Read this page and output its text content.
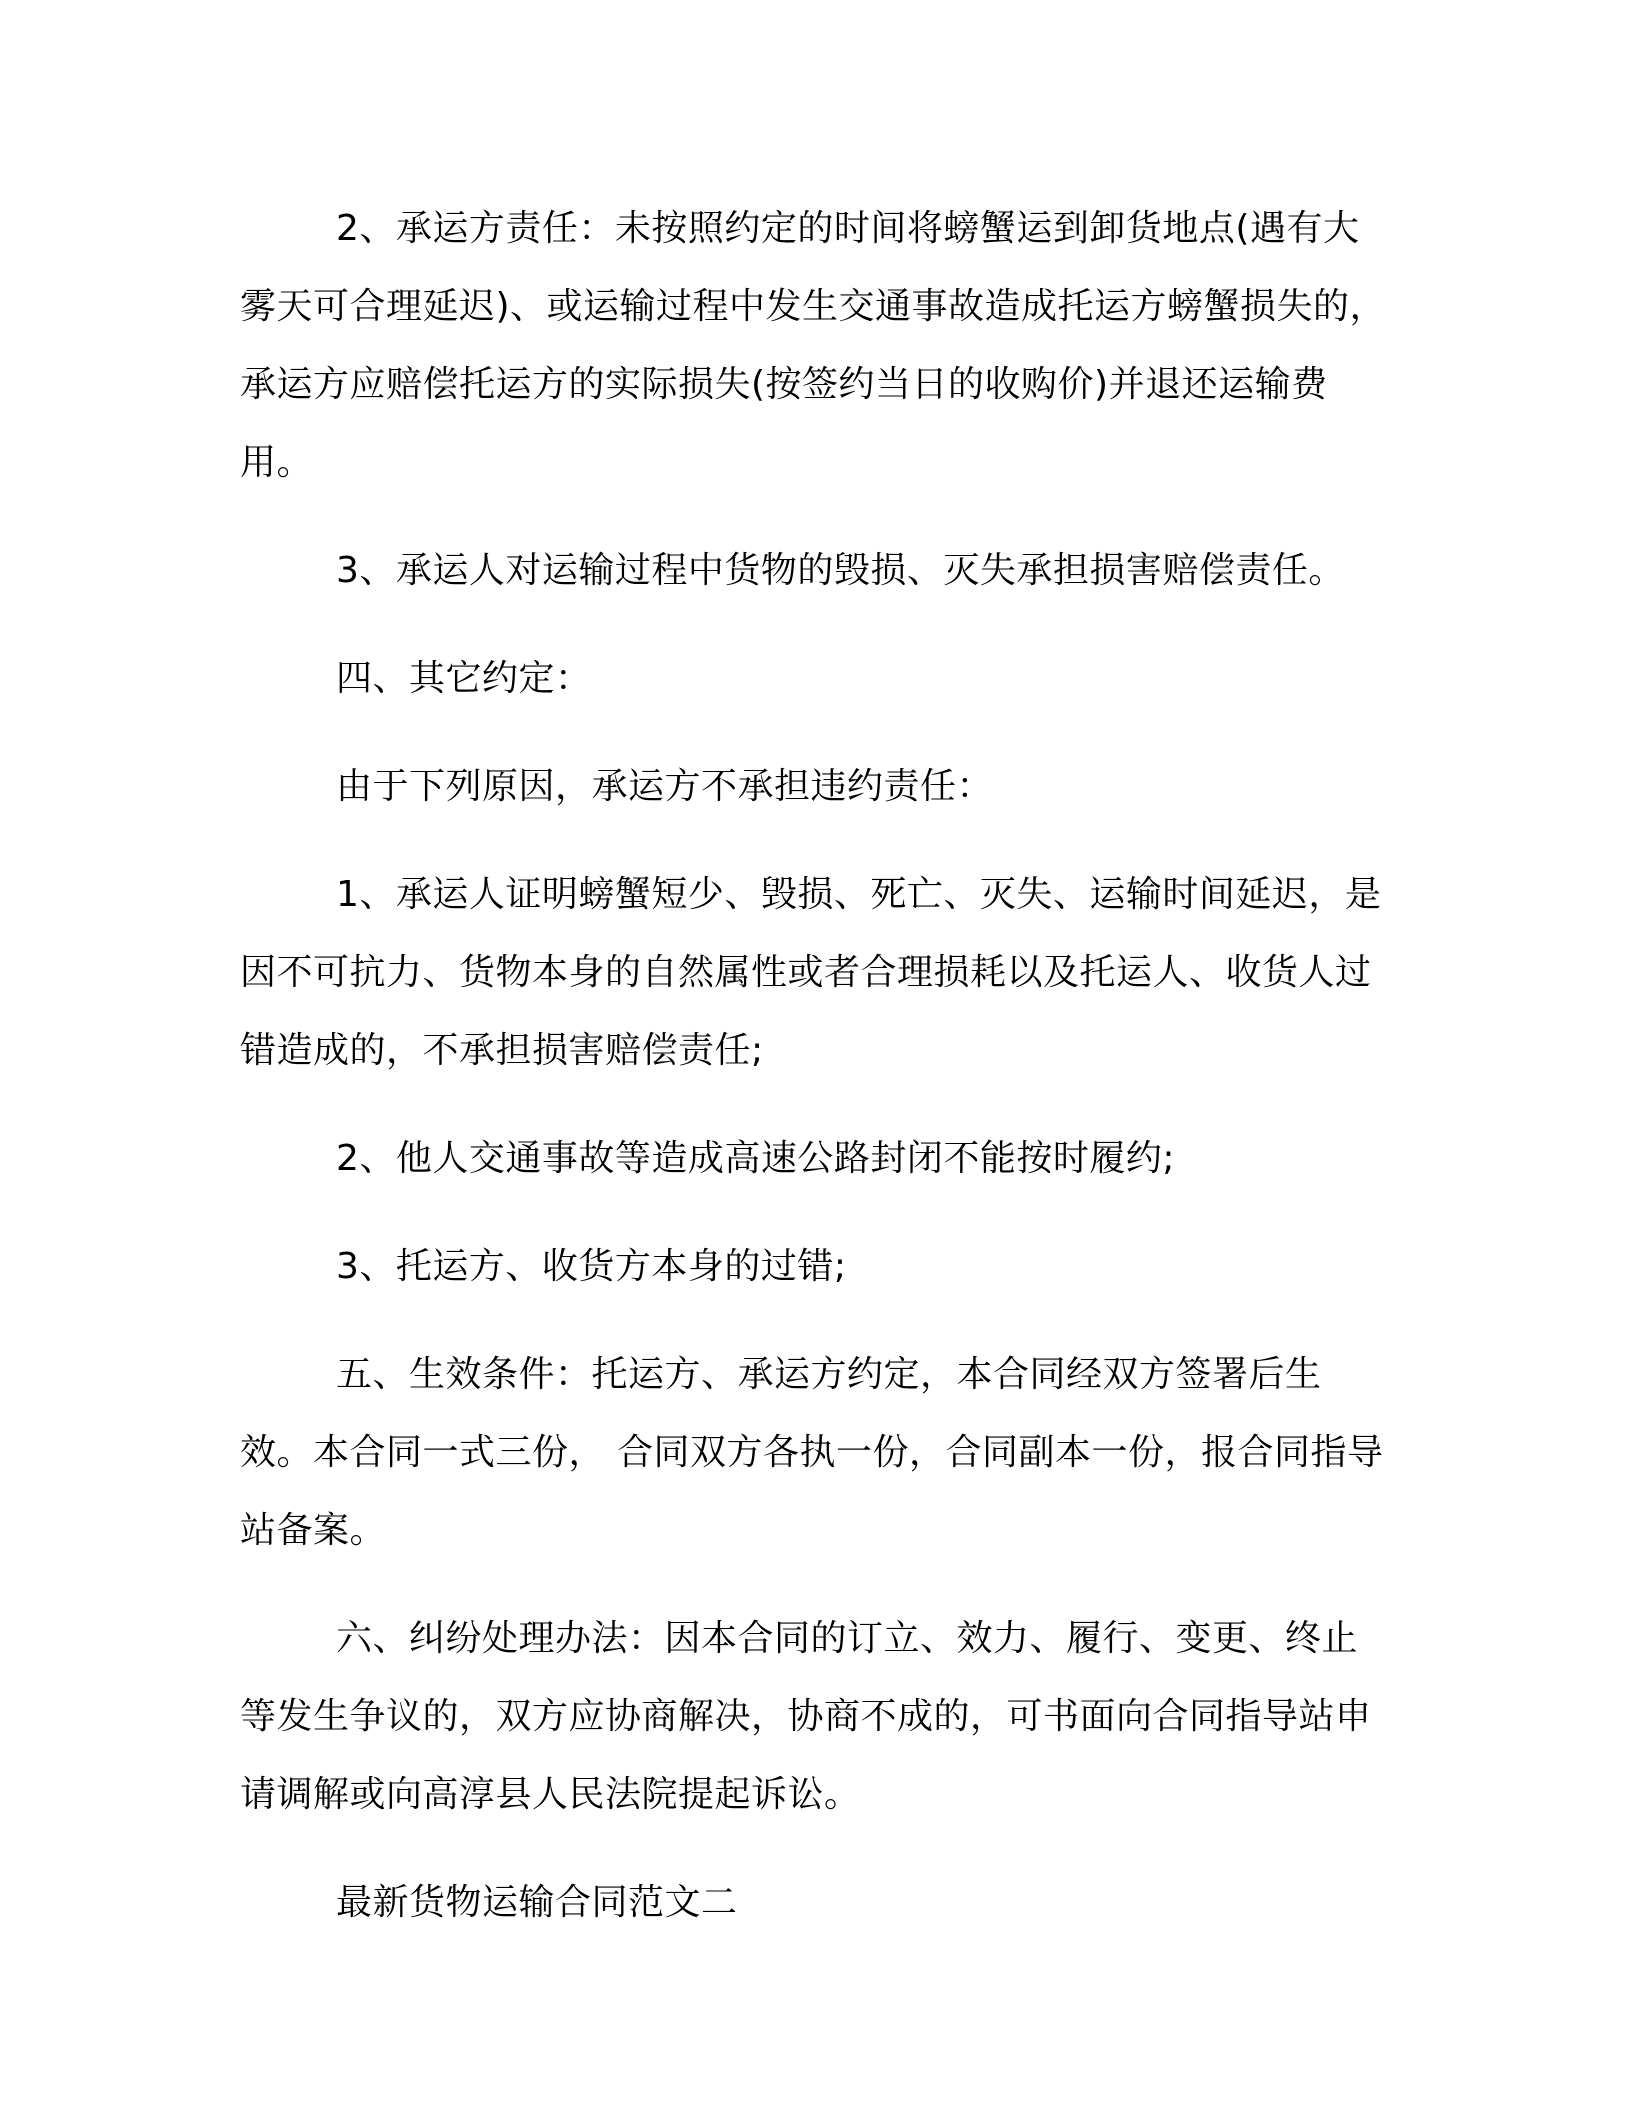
2、承运方责任：未按照约定的时间将螃蟹运到卸货地点(遇有大雾天可合理延迟)、或运输过程中发生交通事故造成托运方螃蟹损失的，承运方应赔偿托运方的实际损失(按签约当日的收购价)并退还运输费用。

3、承运人对运输过程中货物的毁损、灭失承担损害赔偿责任。

四、其它约定：

由于下列原因，承运方不承担违约责任：

1、承运人证明螃蟹短少、毁损、死亡、灭失、运输时间延迟，是因不可抗力、货物本身的自然属性或者合理损耗以及托运人、收货人过错造成的，不承担损害赔偿责任;

2、他人交通事故等造成高速公路封闭不能按时履约;

3、托运方、收货方本身的过错;

五、生效条件：托运方、承运方约定，本合同经双方签署后生效。本合同一式三份， 合同双方各执一份，合同副本一份，报合同指导站备案。

六、纠纷处理办法：因本合同的订立、效力、履行、变更、终止等发生争议的，双方应协商解决，协商不成的，可书面向合同指导站申请调解或向高淳县人民法院提起诉讼。

最新货物运输合同范文二
